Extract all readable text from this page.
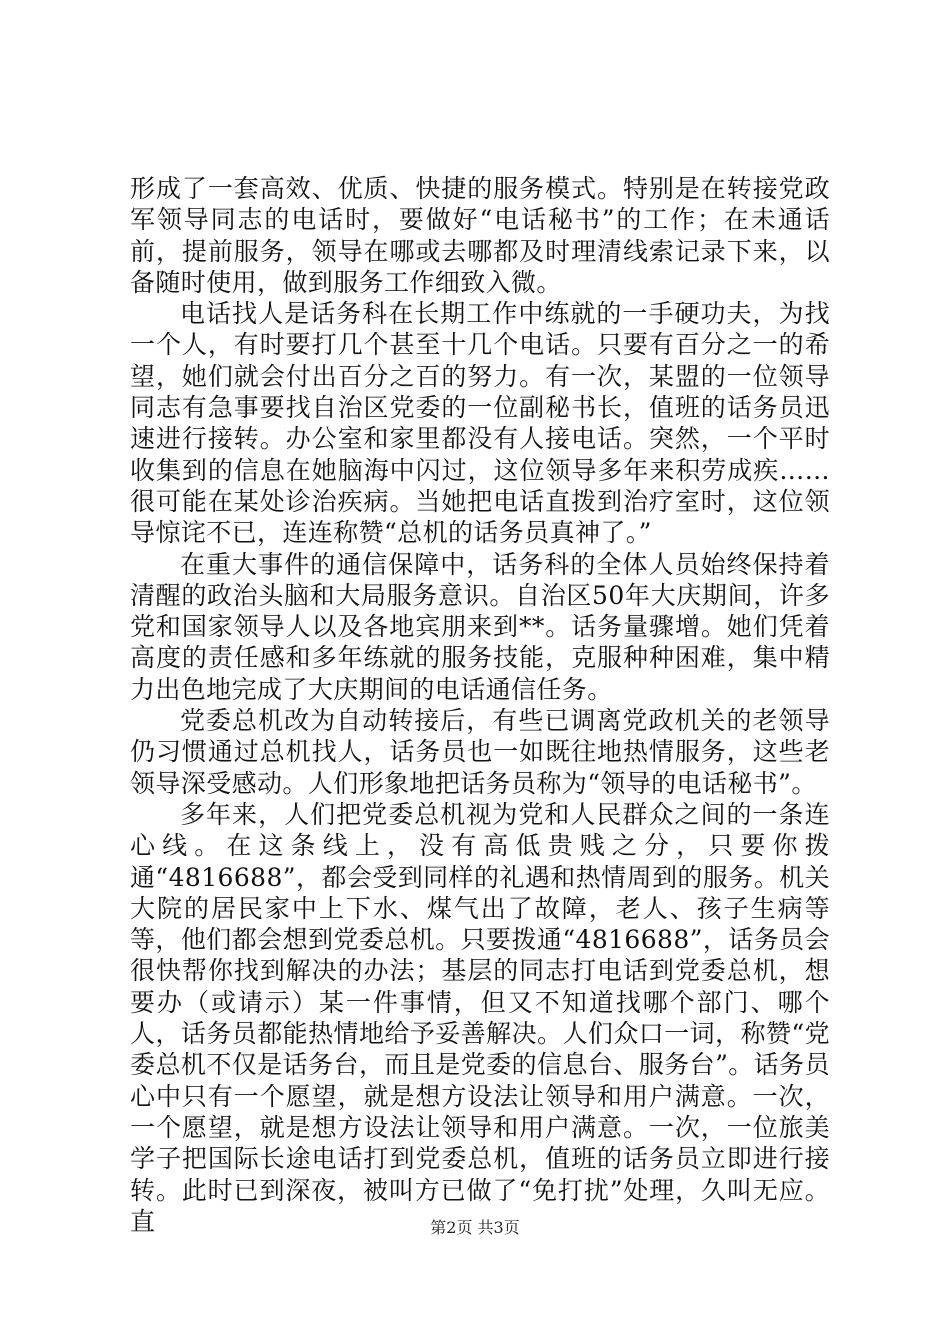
形成了一套高效、优质、快捷的服务模式。特别是在转接党政军领导同志的电话时，要做好“电话秘书”的工作；在未通话前，提前服务，领导在哪或去哪都及时理清线索记录下来，以备随时使用，做到服务工作细致入微。

电话找人是话务科在长期工作中练就的一手硬功夫，为找一个人，有时要打几个甚至十几个电话。只要有百分之一的希望，她们就会付出百分之百的努力。有一次，某盟的一位领导同志有急事要找自治区党委的一位副秘书长，值班的话务员迅速进行接转。办公室和家里都没有人接电话。突然，一个平时收集到的信息在她脑海中闪过，这位领导多年来积劳成疾……很可能在某处诊治疾病。当她把电话直拨到治疗室时，这位领导惊诧不已，连连称赞“总机的话务员真神了。”

在重大事件的通信保障中，话务科的全体人员始终保持着清醒的政治头脑和大局服务意识。自治区50年大庆期间，许多党和国家领导人以及各地宾朋来到**。话务量骤增。她们凭着高度的责任感和多年练就的服务技能，克服种种困难，集中精力出色地完成了大庆期间的电话通信任务。

党委总机改为自动转接后，有些已调离党政机关的老领导仍习惯通过总机找人，话务员也一如既往地热情服务，这些老领导深受感动。人们形象地把话务员称为“领导的电话秘书”。

多年来，人们把党委总机视为党和人民群众之间的一条连心线。在这条线上，没有高低贵贱之分，只要你拨通“4816688”，都会受到同样的礼遇和热情周到的服务。机关大院的居民家中上下水、煤气出了故障，老人、孩子生病等等，他们都会想到党委总机。只要拨通“4816688”，话务员会很快帮你找到解决的办法；基层的同志打电话到党委总机，想要办（或请示）某一件事情，但又不知道找哪个部门、哪个人，话务员都能热情地给予妥善解决。人们众口一词，称赞“党委总机不仅是话务台，而且是党委的信息台、服务台”。话务员心中只有一个愿望，就是想方设法让领导和用户满意。一次，一个愿望，就是想方设法让领导和用户满意。一次，一位旅美学子把国际长途电话打到党委总机，值班的话务员立即进行接转。此时已到深夜，被叫方已做了“免打扰”处理，久叫无应。直	第2页 共3页
